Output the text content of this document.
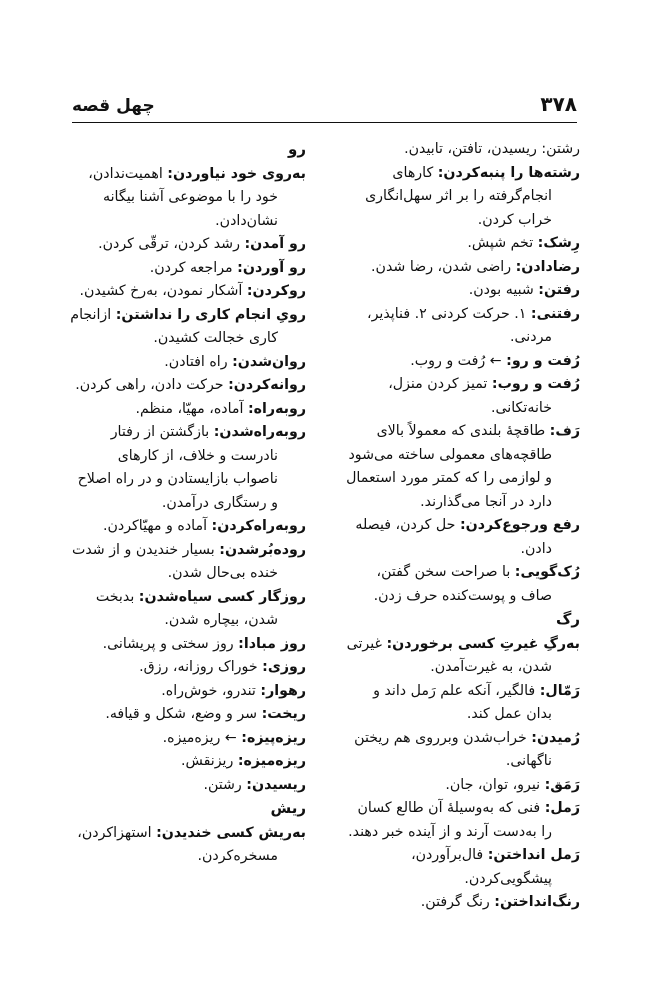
چهل قصه	۳۷۸

رشتن: ریسیدن، تافتن، تابیدن.

رشته‌ها را پنبه‌کردن: کارهای انجام‌گرفته را بر اثر سهل‌انگاری خراب کردن.

رِشک: تخم شپش.

رضادادن: راضی شدن، رضا شدن.

رفتن: شبیه بودن.

رفتنی: ۱. حرکت کردنی ۲. فناپذیر، مردنی.

رُفت و رو: ← رُفت و روب.

رُفت و روب: تمیز کردن منزل، خانه‌تکانی.

رَف: طاقچهٔ بلندی که معمولاً بالای طاقچه‌های معمولی ساخته می‌شود و لوازمی را که کمتر مورد استعمال دارد در آنجا می‌گذارند.

رفع ورجوع‌کردن: حل کردن، فیصله دادن.

رُک‌گویی: با صراحت سخن گفتن، صاف و پوست‌کنده حرف زدن.

رگ

به‌رگِ غیرتِ کسی برخوردن: غیرتی شدن، به غیرت‌آمدن.

رَمّال: فالگیر، آنکه علم رَمل داند و بدان عمل کند.

رُمیدن: خراب‌شدن وبرروی هم ریختن ناگهانی.

رَمَق: نیرو، توان، جان.

رَمل: فنی که به‌وسیلهٔ آن طالع کسان را به‌دست آرند و از آینده خبر دهند.

رَمل انداختن: فال‌برآوردن، پیشگویی‌کردن.

رنگ‌انداختن: رنگ گرفتن.

رو

به‌روی خود نیاوردن: اهمیت‌ندادن، خود را با موضوعی آشنا بیگانه نشان‌دادن.

رو آمدن: رشد کردن، ترقّی کردن.

رو آوردن: مراجعه کردن.

روکردن: آشکار نمودن، به‌رخ کشیدن.

رویِ انجام کاری را نداشتن: ازانجام کاری خجالت کشیدن.

روان‌شدن: راه افتادن.

روانه‌کردن: حرکت دادن، راهی کردن.

روبه‌راه: آماده، مهیّا، منظم.

روبه‌راه‌شدن: بازگشتن از رفتار نادرست و خلاف، از کارهای ناصواب بازایستادن و در راه اصلاح و رستگاری درآمدن.

روبه‌راه‌کردن: آماده و مهیّاکردن.

روده‌بُرشدن: بسیار خندیدن و از شدت خنده بی‌حال شدن.

روزگار کسی سیاه‌شدن: بدبخت شدن، بیچاره شدن.

روز مبادا: روز سختی و پریشانی.

روزی: خوراک روزانه، رزق.

رهوار: تندرو، خوش‌راه.

ریخت: سر و وضع، شکل و قیافه.

ریزه‌پیزه: ← ریزه‌میزه.

ریزه‌میزه: ریزنقش.

ریسیدن: رشتن.

ریش

به‌ریش کسی خندیدن: استهزاکردن، مسخره‌کردن.
